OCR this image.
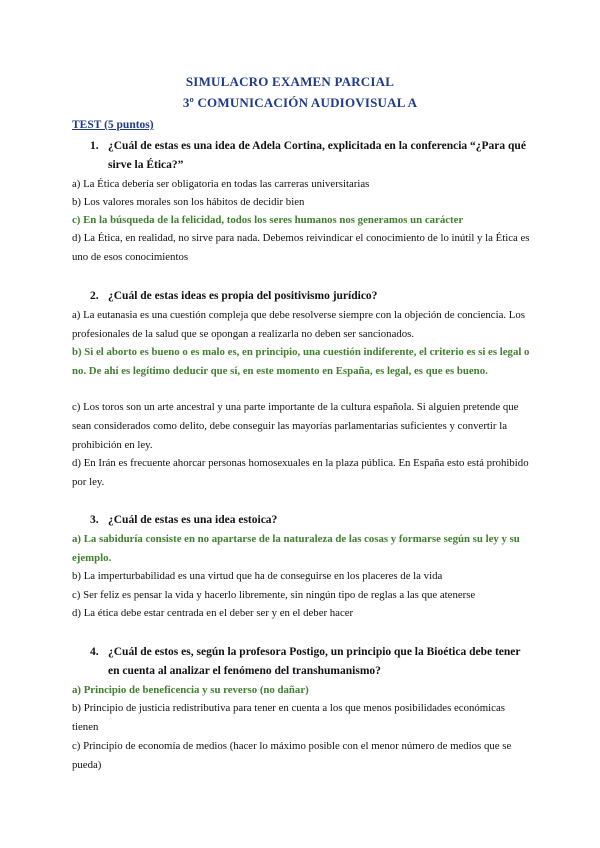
SIMULACRO EXAMEN PARCIAL
3º COMUNICACIÓN AUDIOVISUAL A
TEST (5 puntos)
1. ¿Cuál de estas es una idea de Adela Cortina, explicitada en la conferencia “¿Para qué sirve la Ética?”
a) La Ética debería ser obligatoria en todas las carreras universitarias
b) Los valores morales son los hábitos de decidir bien
c) En la búsqueda de la felicidad, todos los seres humanos nos generamos un carácter
d) La Ética, en realidad, no sirve para nada. Debemos reivindicar el conocimiento de lo inútil y la Ética es uno de esos conocimientos
2. ¿Cuál de estas ideas es propia del positivismo jurídico?
a) La eutanasia es una cuestión compleja que debe resolverse siempre con la objeción de conciencia. Los profesionales de la salud que se opongan a realizarla no deben ser sancionados.
b) Si el aborto es bueno o es malo es, en principio, una cuestión indiferente, el criterio es si es legal o no. De ahí es legítimo deducir que sí, en este momento en España, es legal, es que es bueno.
c) Los toros son un arte ancestral y una parte importante de la cultura española. Si alguien pretende que sean considerados como delito, debe conseguir las mayorías parlamentarias suficientes y convertir la prohibición en ley.
d) En Irán es frecuente ahorcar personas homosexuales en la plaza pública. En España esto está prohibido por ley.
3. ¿Cuál de estas es una idea estoica?
a) La sabiduría consiste en no apartarse de la naturaleza de las cosas y formarse según su ley y su ejemplo.
b) La imperturbabilidad es una virtud que ha de conseguirse en los placeres de la vida
c) Ser feliz es pensar la vida y hacerlo libremente, sin ningún tipo de reglas a las que atenerse
d) La ética debe estar centrada en el deber ser y en el deber hacer
4. ¿Cuál de estos es, según la profesora Postigo, un principio que la Bioética debe tener en cuenta al analizar el fenómeno del transhumanismo?
a) Principio de beneficencia y su reverso (no dañar)
b) Principio de justicia redistributiva para tener en cuenta a los que menos posibilidades económicas tienen
c) Principio de economía de medios (hacer lo máximo posible con el menor número de medios que se pueda)
